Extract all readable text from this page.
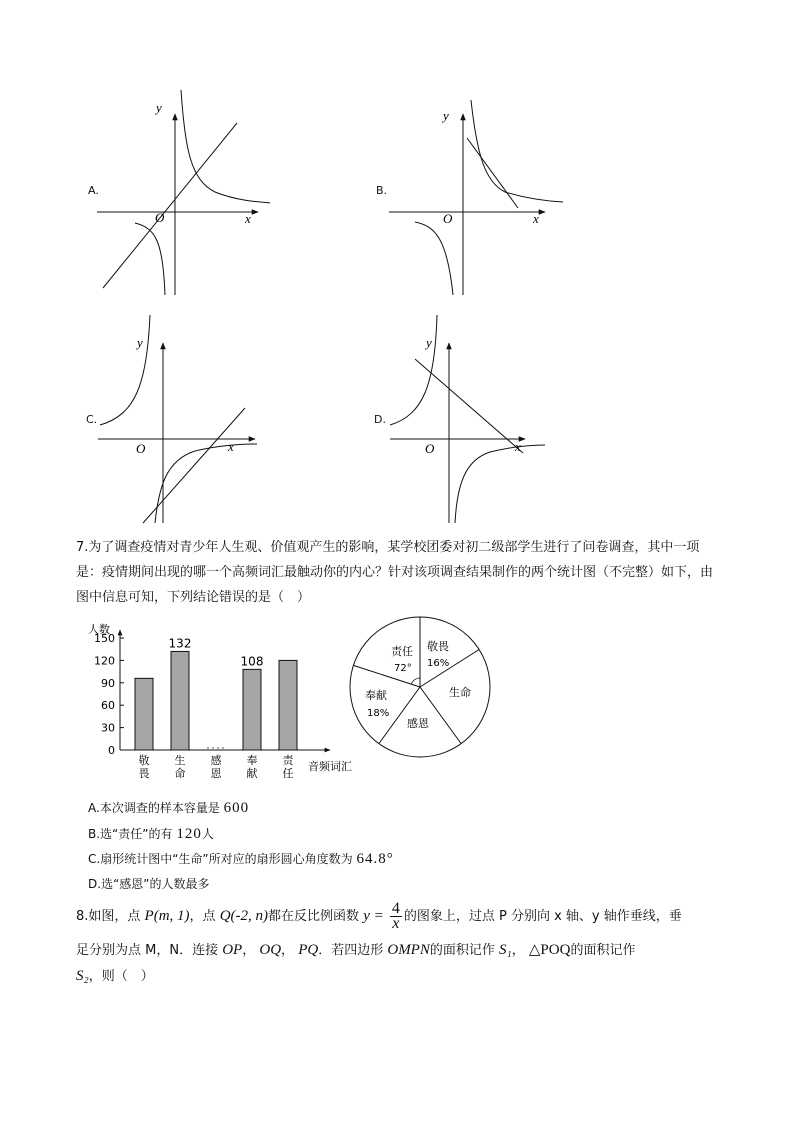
A.
y
x
O
B.
y
x
O
C.
y
x
O
D.
y
x
O
7.为了调查疫情对青少年人生观、价值观产生的影响，某学校团委对初二级部学生进行了问卷调查，其中一项是：疫情期间出现的哪一个高频词汇最触动你的内心？针对该项调查结果制作的两个统计图（不完整）如下，由图中信息可知，下列结论错误的是（　）
人数
0
30
60
90
120
150	132
108
敬
畏
生
命
感
恩
奉
献
责
任
音频词汇
责任
72°
敬畏
16%
生命
感恩
奉献
18%
A.本次调查的样本容量是 600
B.选“责任”的有 120人
C.扇形统计图中“生命”所对应的扇形圆心角度数为 64.8°
D.选“感恩”的人数最多
8.如图，点 P(m, 1)，点 Q(-2, n)都在反比例函数 $y = \frac{4}{x}$ 的图象上，过点 P 分别向 x 轴、y 轴作垂线，垂
足分别为点 M，N．连接 OP， OQ， PQ．若四边形 OMPN的面积记作 S₁， △POQ的面积记作
S₂，则（　）
